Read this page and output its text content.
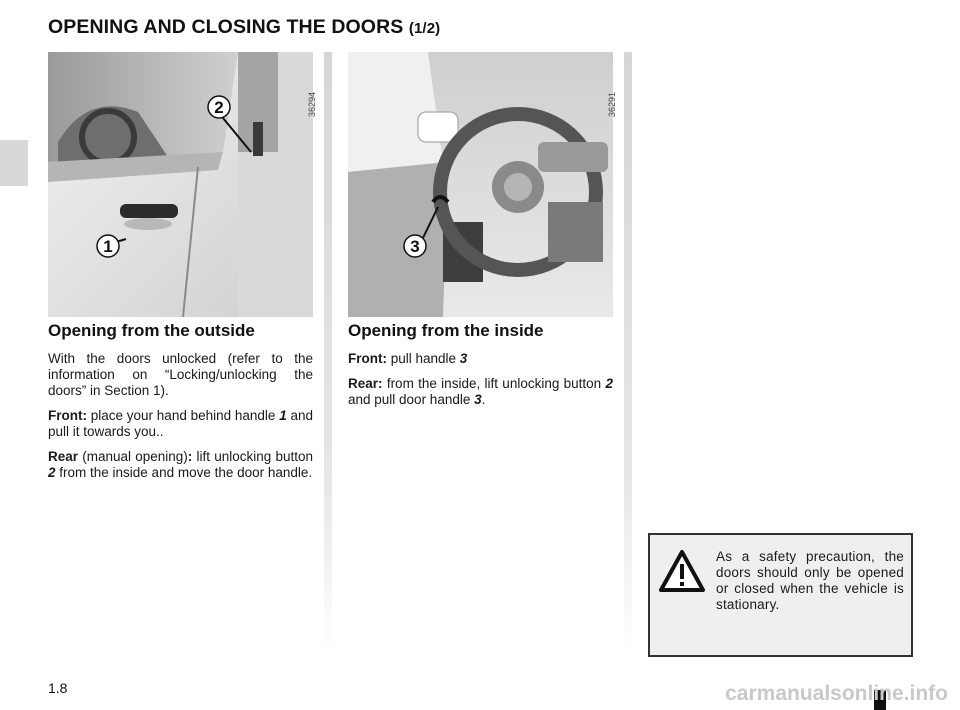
OPENING AND CLOSING THE DOORS (1/2)
1
2	36294
3
36291
Opening from the outside

With the doors unlocked (refer to the information on “Locking/unlocking the doors” in Section 1).

Front: place your hand behind handle 1 and pull it towards you..

Rear (manual opening): lift unlocking button 2 from the inside and move the door handle.

Opening from the inside

Front: pull handle 3

Rear: from the inside, lift unlocking button 2 and pull door handle 3.

As a safety precaution, the doors should only be opened or closed when the vehicle is stationary.

1.8	carmanualsonline.info
